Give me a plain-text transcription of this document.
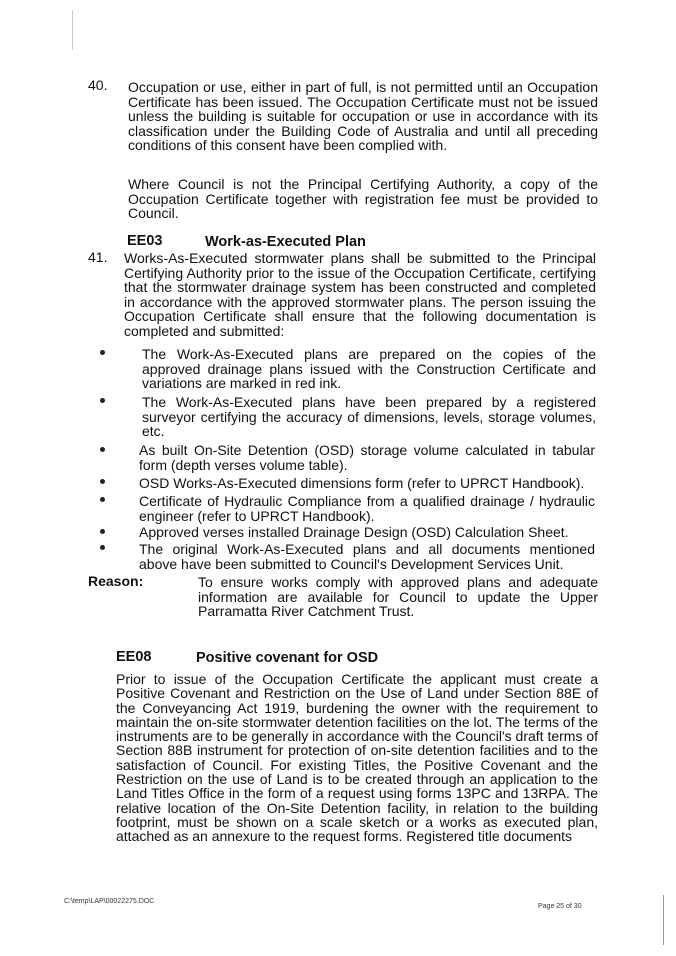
40. Occupation or use, either in part of full, is not permitted until an Occupation Certificate has been issued. The Occupation Certificate must not be issued unless the building is suitable for occupation or use in accordance with its classification under the Building Code of Australia and until all preceding conditions of this consent have been complied with.
Where Council is not the Principal Certifying Authority, a copy of the Occupation Certificate together with registration fee must be provided to Council.
EE03	Work-as-Executed Plan
41. Works-As-Executed stormwater plans shall be submitted to the Principal Certifying Authority prior to the issue of the Occupation Certificate, certifying that the stormwater drainage system has been constructed and completed in accordance with the approved stormwater plans. The person issuing the Occupation Certificate shall ensure that the following documentation is completed and submitted:
The Work-As-Executed plans are prepared on the copies of the approved drainage plans issued with the Construction Certificate and variations are marked in red ink.
The Work-As-Executed plans have been prepared by a registered surveyor certifying the accuracy of dimensions, levels, storage volumes, etc.
As built On-Site Detention (OSD) storage volume calculated in tabular form (depth verses volume table).
OSD Works-As-Executed dimensions form (refer to UPRCT Handbook).
Certificate of Hydraulic Compliance from a qualified drainage / hydraulic engineer (refer to UPRCT Handbook).
Approved verses installed Drainage Design (OSD) Calculation Sheet.
The original Work-As-Executed plans and all documents mentioned above have been submitted to Council's Development Services Unit.
Reason:	To ensure works comply with approved plans and adequate information are available for Council to update the Upper Parramatta River Catchment Trust.
EE08	Positive covenant for OSD
Prior to issue of the Occupation Certificate the applicant must create a Positive Covenant and Restriction on the Use of Land under Section 88E of the Conveyancing Act 1919, burdening the owner with the requirement to maintain the on-site stormwater detention facilities on the lot. The terms of the instruments are to be generally in accordance with the Council's draft terms of Section 88B instrument for protection of on-site detention facilities and to the satisfaction of Council. For existing Titles, the Positive Covenant and the Restriction on the use of Land is to be created through an application to the Land Titles Office in the form of a request using forms 13PC and 13RPA. The relative location of the On-Site Detention facility, in relation to the building footprint, must be shown on a scale sketch or a works as executed plan, attached as an annexure to the request forms. Registered title documents
C:\temp\LAP\00022275.DOC
Page 25 of 30
